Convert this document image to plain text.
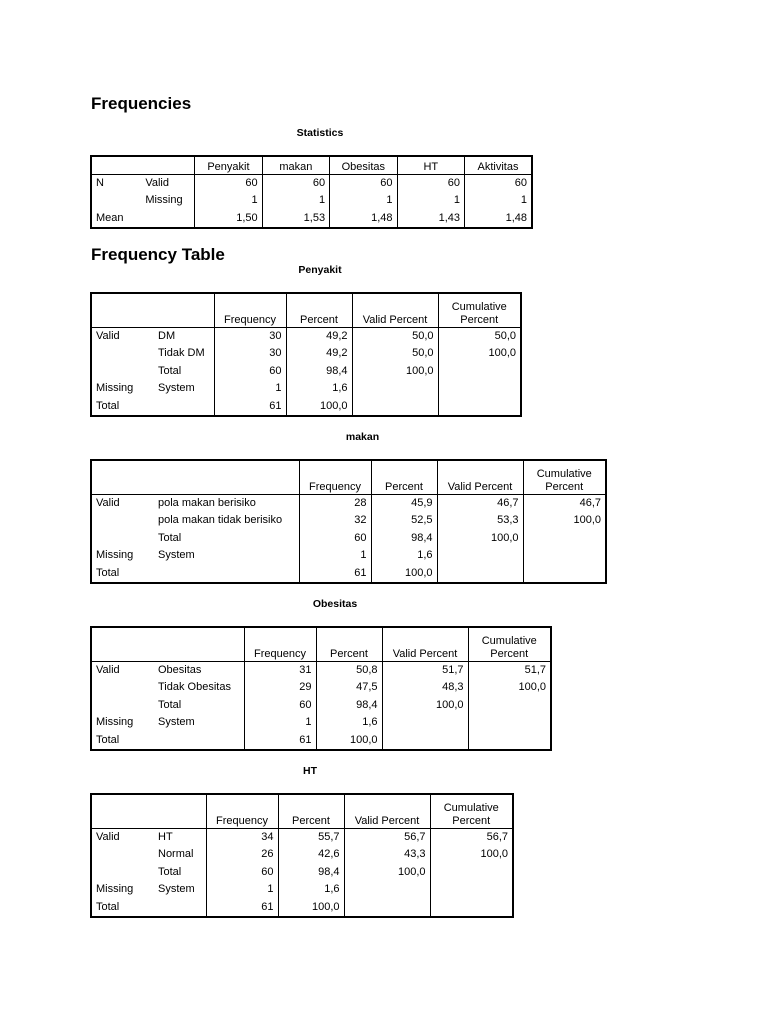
Frequencies
Statistics
		Penyakit	makan	Obesitas	HT	Aktivitas
N	Valid	60	60	60	60	60
	Missing	1	1	1	1	1
Mean		1,50	1,53	1,48	1,43	1,48
Frequency Table
Penyakit
		Frequency	Percent	Valid Percent	Cumulative
Percent

Valid	DM	30	49,2	50,0	50,0
	Tidak DM	30	49,2	50,0	100,0
	Total	60	98,4	100,0	
Missing	System	1	1,6		
Total		61	100,0		
makan
		Frequency	Percent	Valid Percent	Cumulative
Percent

Valid	pola makan berisiko	28	45,9	46,7	46,7
	pola makan tidak berisiko	32	52,5	53,3	100,0
	Total	60	98,4	100,0	
Missing	System	1	1,6		
Total		61	100,0		
Obesitas
		Frequency	Percent	Valid Percent	Cumulative
Percent

Valid	Obesitas	31	50,8	51,7	51,7
	Tidak Obesitas	29	47,5	48,3	100,0
	Total	60	98,4	100,0	
Missing	System	1	1,6		
Total		61	100,0		
HT
		Frequency	Percent	Valid Percent	Cumulative
Percent

Valid	HT	34	55,7	56,7	56,7
	Normal	26	42,6	43,3	100,0
	Total	60	98,4	100,0	
Missing	System	1	1,6		
Total		61	100,0		
